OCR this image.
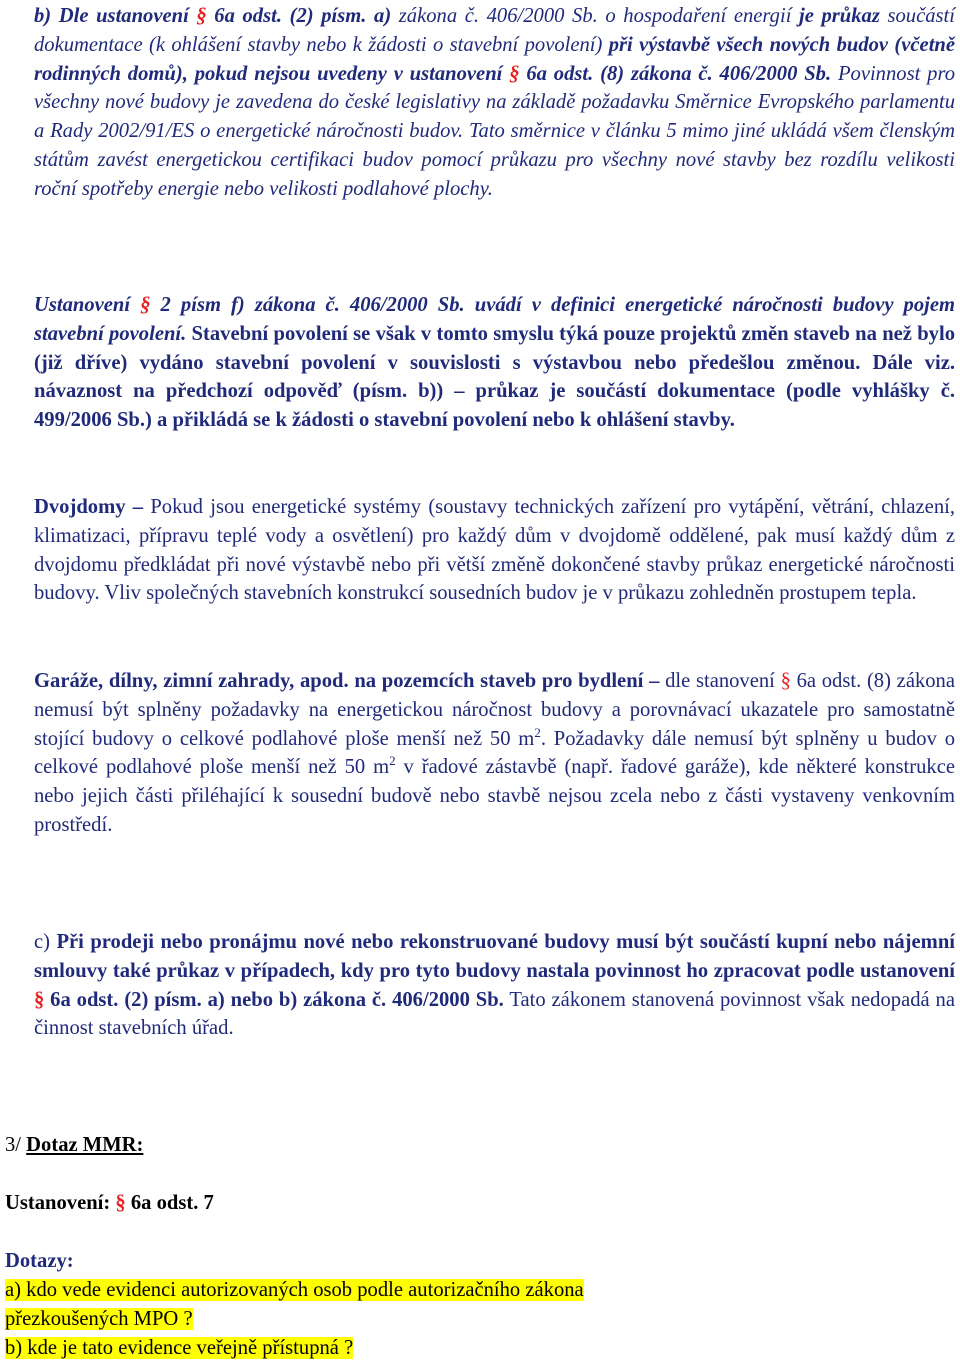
b) Dle ustanovení § 6a odst. (2) písm. a) zákona č. 406/2000 Sb. o hospodaření energií je průkaz součástí dokumentace (k ohlášení stavby nebo k žádosti o stavební povolení) při výstavbě všech nových budov (včetně rodinných domů), pokud nejsou uvedeny v ustanovení § 6a odst. (8) zákona č. 406/2000 Sb. Povinnost pro všechny nové budovy je zavedena do české legislativy na základě požadavku Směrnice Evropského parlamentu a Rady 2002/91/ES o energetické náročnosti budov. Tato směrnice v článku 5 mimo jiné ukládá všem členským státům zavést energetickou certifikaci budov pomocí průkazu pro všechny nové stavby bez rozdílu velikosti roční spotřeby energie nebo velikosti podlahové plochy.

Ustanovení § 2 písm f) zákona č. 406/2000 Sb. uvádí v definici energetické náročnosti budovy pojem stavební povolení. Stavební povolení se však v tomto smyslu týká pouze projektů změn staveb na než bylo (již dříve) vydáno stavební povolení v souvislosti s výstavbou nebo předešlou změnou. Dále viz. návaznost na předchozí odpověď (písm. b)) – průkaz je součástí dokumentace (podle vyhlášky č. 499/2006 Sb.) a přikládá se k žádosti o stavební povolení nebo k ohlášení stavby.

Dvojdomy – Pokud jsou energetické systémy (soustavy technických zařízení pro vytápění, větrání, chlazení, klimatizaci, přípravu teplé vody a osvětlení) pro každý dům v dvojdomě oddělené, pak musí každý dům z dvojdomu předkládat při nové výstavbě nebo při větší změně dokončené stavby průkaz energetické náročnosti budovy. Vliv společných stavebních konstrukcí sousedních budov je v průkazu zohledněn prostupem tepla.

Garáže, dílny, zimní zahrady, apod. na pozemcích staveb pro bydlení – dle stanovení § 6a odst. (8) zákona nemusí být splněny požadavky na energetickou náročnost budovy a porovnávací ukazatele pro samostatně stojící budovy o celkové podlahové ploše menší než 50 $m^2$. Požadavky dále nemusí být splněny u budov o celkové podlahové ploše menší než 50 $m^2$ v řadové zástavbě (např. řadové garáže), kde některé konstrukce nebo jejich části přiléhající k sousední budově nebo stavbě nejsou zcela nebo z části vystaveny venkovním prostředí.

c) Při prodeji nebo pronájmu nové nebo rekonstruované budovy musí být součástí kupní nebo nájemní smlouvy také průkaz v případech, kdy pro tyto budovy nastala povinnost ho zpracovat podle ustanovení § 6a odst. (2) písm. a) nebo b) zákona č. 406/2000 Sb. Tato zákonem stanovená povinnost však nedopadá na činnost stavebních úřad.

3/ Dotaz MMR:

Ustanovení: § 6a odst. 7

Dotazy:

a) kdo vede evidenci autorizovaných osob podle autorizačního zákona

přezkoušených MPO ?

b) kde je tato evidence veřejně přístupná ?
